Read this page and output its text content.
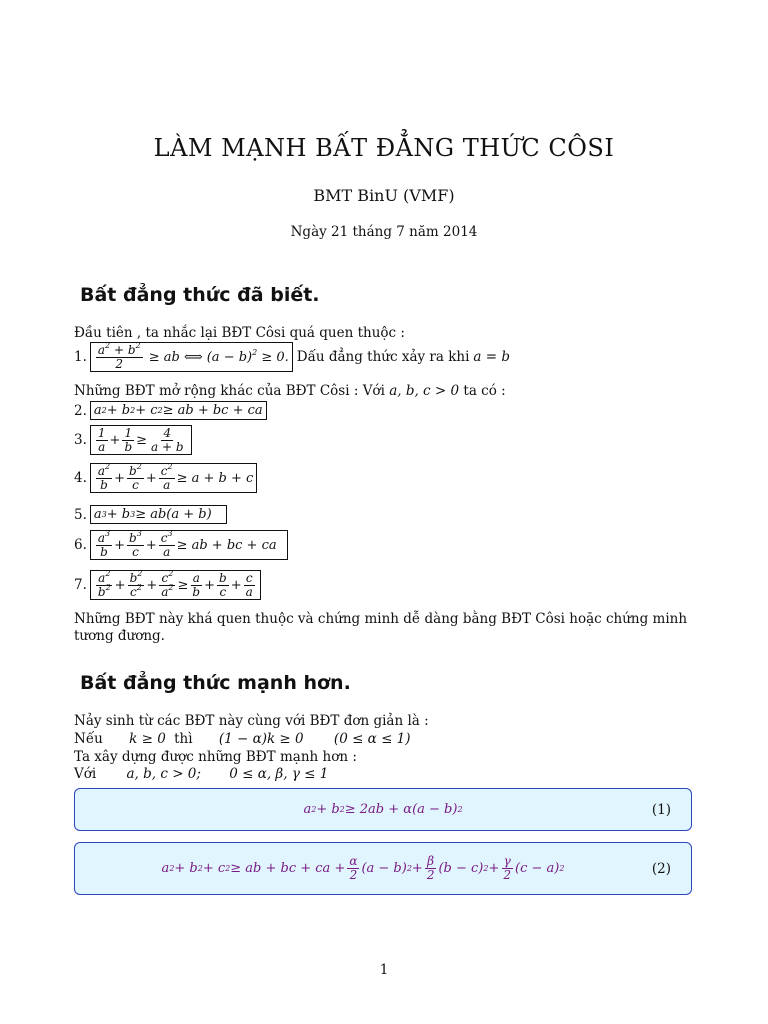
LÀM MẠNH BẤT ĐẲNG THỨC CÔSI
BMT BinU (VMF)
Ngày 21 tháng 7 năm 2014
Bất đẳng thức đã biết.
Đầu tiên , ta nhắc lại BĐT Côsi quá quen thuộc :
1. $\frac{a^2 + b^2}{2}$ ≥ ab ⟺ $(a - b)^2 \ge 0$. Dấu đẳng thức xảy ra khi a = b
Những BĐT mở rộng khác của BĐT Côsi : Với a, b, c > 0 ta có :
2. a 2 + b 2 + c 2 ≥ ab + bc + ca
3. $\frac{1}{a} + \frac{1}{b} \ge \frac{4}{a + b}$
4. $\frac{a^2}{b} + \frac{b^2}{c} + \frac{c^2}{a} \ge a + b + c$
5. a 3 + b 3 ≥ ab(a + b)
6. $\frac{a^3}{b} + \frac{b^3}{c} + \frac{c^3}{a}$ ≥ ab + bc + ca
7. $\frac{a^2}{b^2} + \frac{b^2}{c^2} + \frac{c^2}{a^2} \ge \frac{a}{b} + \frac{b}{c} + \frac{c}{a}$
Những BĐT này khá quen thuộc và chứng minh dễ dàng bằng BĐT Côsi hoặc chứng minh
tương đương.
Bất đẳng thức mạnh hơn.
Nảy sinh từ các BĐT này cùng với BĐT đơn giản là :
Nếu k ≥ 0 thì (1 − α)k ≥ 0 (0 ≤ α ≤ 1)
Ta xây dựng được những BĐT mạnh hơn :
Với a, b, c > 0; 0 ≤ α, β, γ ≤ 1
a 2 + b 2 ≥ 2ab + α(a − b) 2	(1)
a 2 + b 2 + c 2 ≥ ab + bc + ca + $\frac{\alpha}{2} (a - b) 2 + \frac{\beta}{2} (b - c) 2 + \frac{\gamma}{2} (c - a)$ 2	(2)
1
